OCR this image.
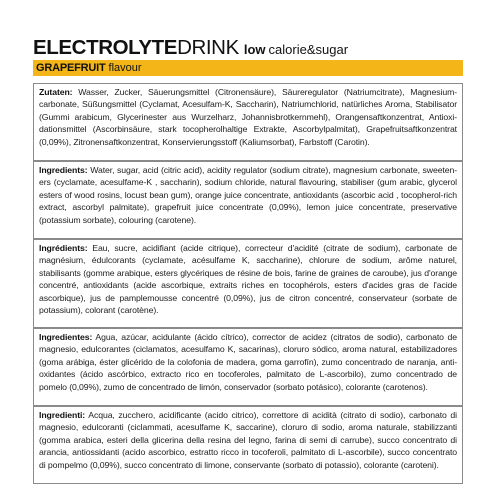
ELECTROLYTEDRINK low calorie&sugar
GRAPEFRUIT flavour

Zutaten: Wasser, Zucker, Säuerungsmittel (Citronensäure), Säureregulator (Natriumcitrate), Magnesium-carbonate, Süßungsmittel (Cyclamat, Acesulfam-K, Saccharin), Natriumchlorid, natürliches Aroma, Stabilisator (Gummi arabicum, Glycerinester aus Wurzelharz, Johannisbrotkernmehl), Orangensaftkonzentrat, Antioxi-dationsmittel (Ascorbinsäure, stark tocopherolhaltige Extrakte, Ascorbylpalmitat), Grapefruitsaftkonzentrat (0,09%), Zitronensaftkonzentrat, Konservierungsstoff (Kaliumsorbat), Farbstoff (Carotin).

Ingredients: Water, sugar, acid (citric acid), acidity regulator (sodium citrate), magnesium carbonate, sweeten-ers (cyclamate, acesulfame-K , saccharin), sodium chloride, natural flavouring, stabiliser (gum arabic, glycerol esters of wood rosins, locust bean gum), orange juice concentrate, antioxidants (ascorbic acid , tocopherol-rich extract, ascorbyl palmitate), grapefruit juice concentrate (0,09%), lemon juice concentrate, preservative (potassium sorbate), colouring (carotene).

Ingrédients: Eau, sucre, acidifiant (acide citrique), correcteur d'acidité (citrate de sodium), carbonate de magnésium, édulcorants (cyclamate, acésulfame K, saccharine), chlorure de sodium, arôme naturel, stabilisants (gomme arabique, esters glycériques de résine de bois, farine de graines de caroube), jus d'orange concentré, antioxidants (acide ascorbique, extraits riches en tocophérols, esters d'acides gras de l'acide ascorbique), jus de pamplemousse concentré (0,09%), jus de citron concentré, conservateur (sorbate de potassium), colorant (carotène).

Ingredientes: Agua, azúcar, acidulante (ácido cítrico), corrector de acidez (citratos de sodio), carbonato de magnesio, edulcorantes (ciclamatos, acesulfamo K, sacarinas), cloruro sódico, aroma natural, estabilizadores (goma arábiga, éster glicérido de la colofonia de madera, goma garrofín), zumo concentrado de naranja, anti-oxidantes (ácido ascórbico, extracto rico en tocoferoles, palmitato de L-ascorbilo), zumo concentrado de pomelo (0,09%), zumo de concentrado de limón, conservador (sorbato potásico), colorante (carotenos).

Ingredienti: Acqua, zucchero, acidificante (acido citrico), correttore di acidità (citrato di sodio), carbonato di magnesio, edulcoranti (ciclammati, acesulfame K, saccarine), cloruro di sodio, aroma naturale, stabilizzanti (gomma arabica, esteri della glicerina della resina del legno, farina di semi di carrube), succo concentrato di arancia, antiossidanti (acido ascorbico, estratto ricco in tocoferoli, palmitato di L-ascorbile), succo concentrato di pompelmo (0,09%), succo concentrato di limone, conservante (sorbato di potassio), colorante (caroteni).
